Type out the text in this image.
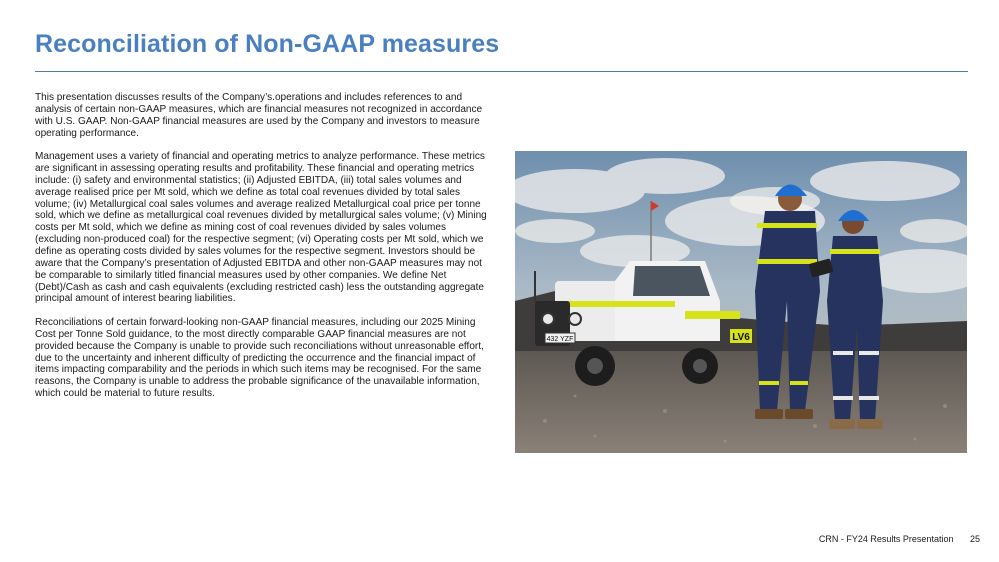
Reconciliation of Non-GAAP measures

This presentation discusses results of the Company’s.operations and includes references to and analysis of certain non-GAAP measures, which are financial measures not recognized in accordance with U.S. GAAP. Non-GAAP financial measures are used by the Company and investors to measure operating performance.

Management uses a variety of financial and operating metrics to analyze performance. These metrics are significant in assessing operating results and profitability. These financial and operating metrics include: (i) safety and environmental statistics; (ii) Adjusted EBITDA, (iii) total sales volumes and average realised price per Mt sold, which we define as total coal revenues divided by total sales volume; (iv) Metallurgical coal sales volumes and average realized Metallurgical coal price per tonne sold, which we define as metallurgical coal revenues divided by metallurgical sales volume; (v) Mining costs per Mt sold, which we define as mining cost of coal revenues divided by sales volumes (excluding non-produced coal) for the respective segment; (vi) Operating costs per Mt sold, which we define as operating costs divided by sales volumes for the respective segment. Investors should be aware that the Company’s presentation of Adjusted EBITDA and other non-GAAP measures may not be comparable to similarly titled financial measures used by other companies. We define Net (Debt)/Cash as cash and cash equivalents (excluding restricted cash) less the outstanding aggregate principal amount of interest bearing liabilities.

Reconciliations of certain forward-looking non-GAAP financial measures, including our 2025 Mining Cost per Tonne Sold guidance, to the most directly comparable GAAP financial measures are not provided because the Company is unable to provide such reconciliations without unreasonable effort, due to the uncertainty and inherent difficulty of predicting the occurrence and the financial impact of items impacting comparability and the periods in which such items may be recognised. For the same reasons, the Company is unable to address the probable significance of the unavailable information, which could be material to future results.

432 YZF	LV6
CRN - FY24 Results Presentation 25
